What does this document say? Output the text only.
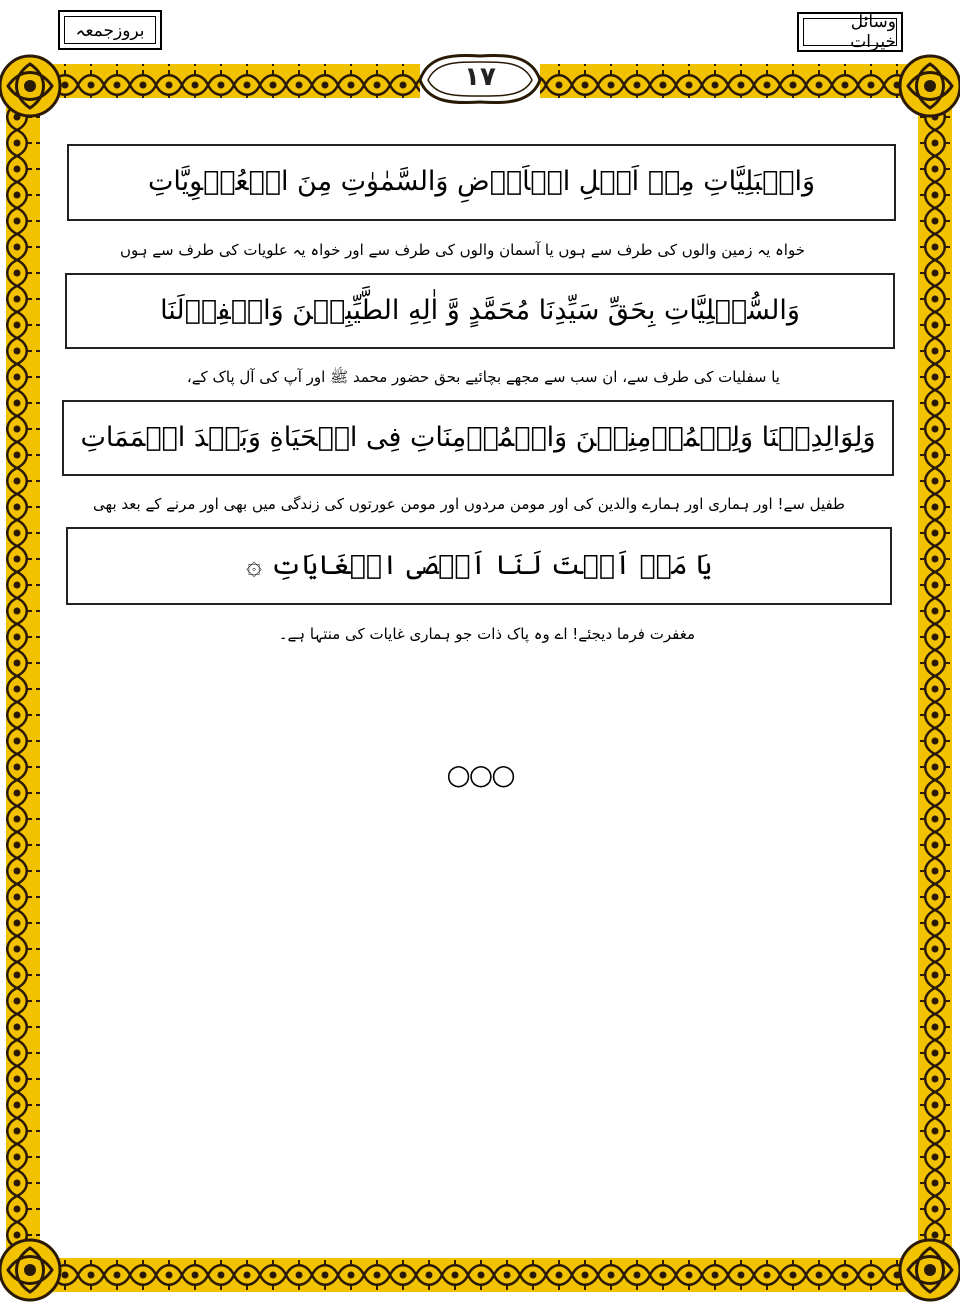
بروزجمعہ	وسائل خیرات
۱۷
وَالۡبَلِيَّاتِ مِنۡ اَهۡلِ الۡاَرۡضِ وَالسَّمٰوٰتِ مِنَ الۡعُلۡوِيَّاتِ
خواہ یہ زمین والوں کی طرف سے ہوں یا آسمان والوں کی طرف سے اور خواہ یہ علویات کی طرف سے ہوں
وَالسُّفۡلِيَّاتِ بِحَقِّ سَيِّدِنَا مُحَمَّدٍ وَّ اٰلِهِ الطَّيِّبِيۡنَ وَاغۡفِرۡلَنَا
یا سفلیات کی طرف سے، ان سب سے مجھے بچائیے بحق حضور محمد ﷺ اور آپ کی آل پاک کے،
وَلِوَالِدِيۡنَا وَلِلۡمُؤۡمِنِيۡنَ وَالۡمُؤۡمِنَاتِ فِى الۡحَيَاةِ وَبَعۡدَ الۡمَمَاتِ
طفیل سے! اور ہماری اور ہمارے والدین کی اور مومن مردوں اور مومن عورتوں کی زندگی میں بھی اور مرنے کے بعد بھی
يَا مَنۡ اَنۡتَ لَنَا اَقۡصَى الۡغَايَاتِ ۞
مغفرت فرما دیجئے! اے وہ پاک ذات جو ہماری غایات کی منتہا ہے۔
○○○
